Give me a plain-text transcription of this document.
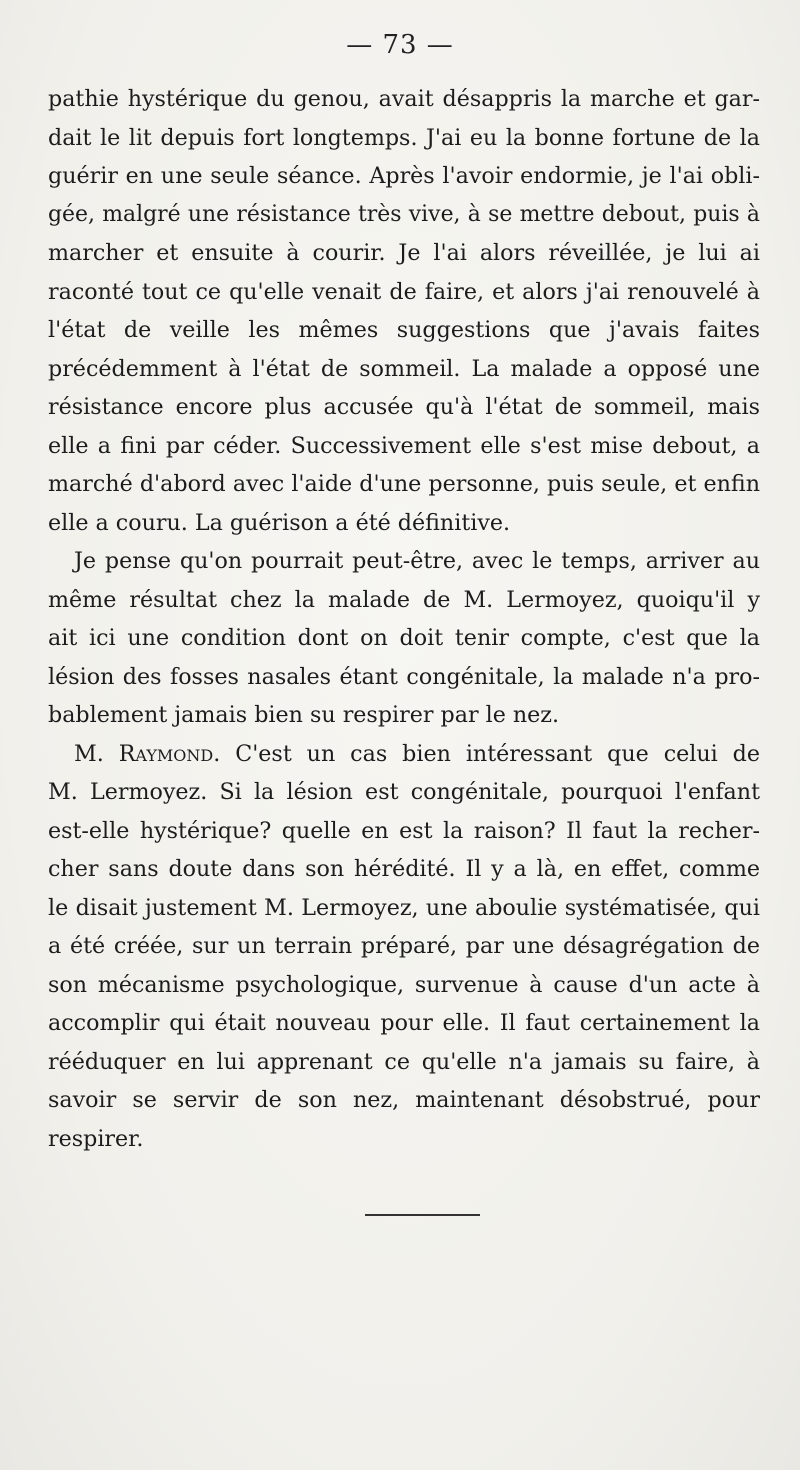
— 73 —
pathie hystérique du genou, avait désappris la marche et gar-
dait le lit depuis fort longtemps. J'ai eu la bonne fortune de la
guérir en une seule séance. Après l'avoir endormie, je l'ai obli-
gée, malgré une résistance très vive, à se mettre debout, puis à
marcher et ensuite à courir. Je l'ai alors réveillée, je lui ai
raconté tout ce qu'elle venait de faire, et alors j'ai renouvelé à
l'état de veille les mêmes suggestions que j'avais faites
précédemment à l'état de sommeil. La malade a opposé une
résistance encore plus accusée qu'à l'état de sommeil, mais
elle a fini par céder. Successivement elle s'est mise debout, a
marché d'abord avec l'aide d'une personne, puis seule, et enfin
elle a couru. La guérison a été définitive.
Je pense qu'on pourrait peut-être, avec le temps, arriver au
même résultat chez la malade de M. Lermoyez, quoiqu'il y
ait ici une condition dont on doit tenir compte, c'est que la
lésion des fosses nasales étant congénitale, la malade n'a pro-
bablement jamais bien su respirer par le nez.
M. Raymond. C'est un cas bien intéressant que celui de
M. Lermoyez. Si la lésion est congénitale, pourquoi l'enfant
est-elle hystérique? quelle en est la raison? Il faut la recher-
cher sans doute dans son hérédité. Il y a là, en effet, comme
le disait justement M. Lermoyez, une aboulie systématisée, qui
a été créée, sur un terrain préparé, par une désagrégation de
son mécanisme psychologique, survenue à cause d'un acte à
accomplir qui était nouveau pour elle. Il faut certainement la
rééduquer en lui apprenant ce qu'elle n'a jamais su faire, à
savoir se servir de son nez, maintenant désobstrué, pour
respirer.
